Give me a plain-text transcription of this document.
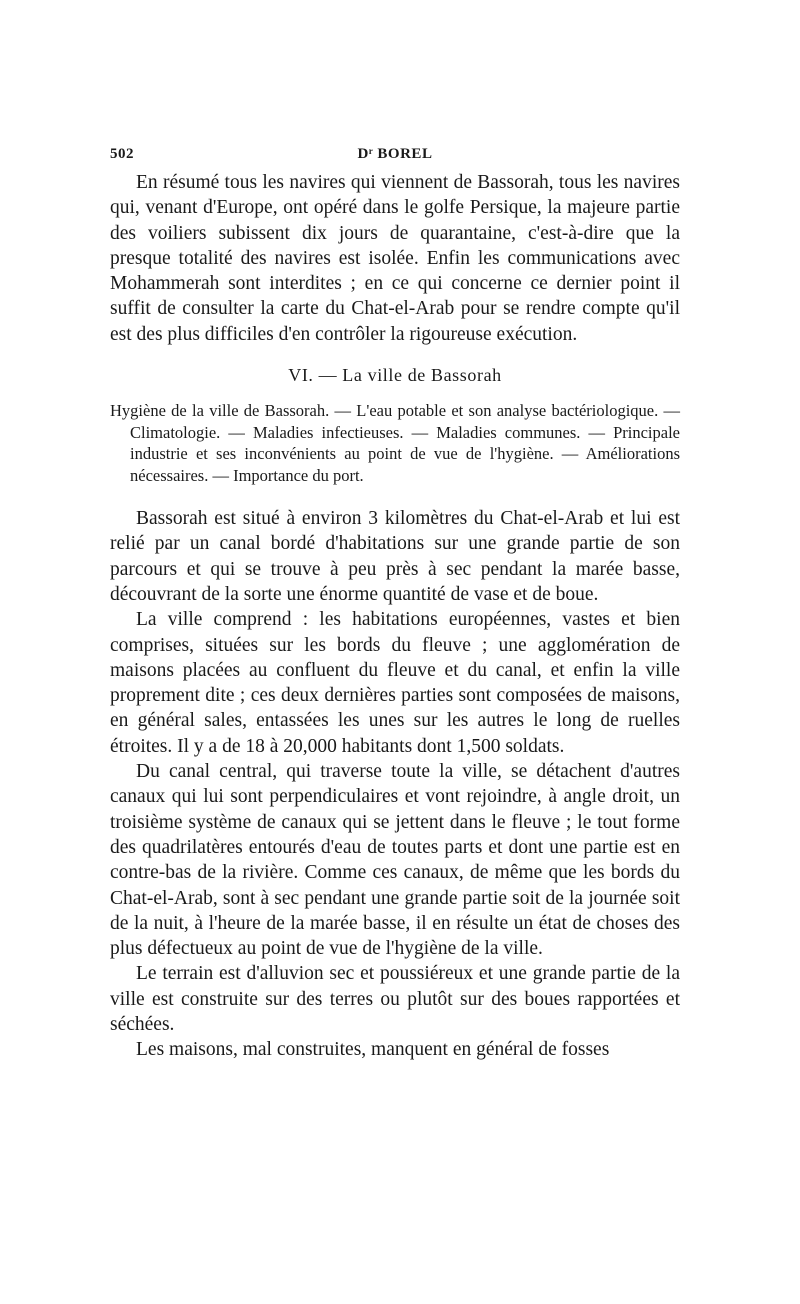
502	Dʳ BOREL

En résumé tous les navires qui viennent de Bassorah, tous les navires qui, venant d'Europe, ont opéré dans le golfe Persique, la majeure partie des voiliers subissent dix jours de quarantaine, c'est-à-dire que la presque totalité des navires est isolée. Enfin les communications avec Mohammerah sont interdites ; en ce qui concerne ce dernier point il suffit de consulter la carte du Chat-el-Arab pour se rendre compte qu'il est des plus difficiles d'en contrôler la rigoureuse exécution.

VI. — La ville de Bassorah

Hygiène de la ville de Bassorah. — L'eau potable et son analyse bactériologique. — Climatologie. — Maladies infectieuses. — Maladies communes. — Principale industrie et ses inconvénients au point de vue de l'hygiène. — Améliorations nécessaires. — Importance du port.

Bassorah est situé à environ 3 kilomètres du Chat-el-Arab et lui est relié par un canal bordé d'habitations sur une grande partie de son parcours et qui se trouve à peu près à sec pendant la marée basse, découvrant de la sorte une énorme quantité de vase et de boue.

La ville comprend : les habitations européennes, vastes et bien comprises, situées sur les bords du fleuve ; une agglomération de maisons placées au confluent du fleuve et du canal, et enfin la ville proprement dite ; ces deux dernières parties sont composées de maisons, en général sales, entassées les unes sur les autres le long de ruelles étroites. Il y a de 18 à 20,000 habitants dont 1,500 soldats.

Du canal central, qui traverse toute la ville, se détachent d'autres canaux qui lui sont perpendiculaires et vont rejoindre, à angle droit, un troisième système de canaux qui se jettent dans le fleuve ; le tout forme des quadrilatères entourés d'eau de toutes parts et dont une partie est en contre-bas de la rivière. Comme ces canaux, de même que les bords du Chat-el-Arab, sont à sec pendant une grande partie soit de la journée soit de la nuit, à l'heure de la marée basse, il en résulte un état de choses des plus défectueux au point de vue de l'hygiène de la ville.

Le terrain est d'alluvion sec et poussiéreux et une grande partie de la ville est construite sur des terres ou plutôt sur des boues rapportées et séchées.

Les maisons, mal construites, manquent en général de fosses
